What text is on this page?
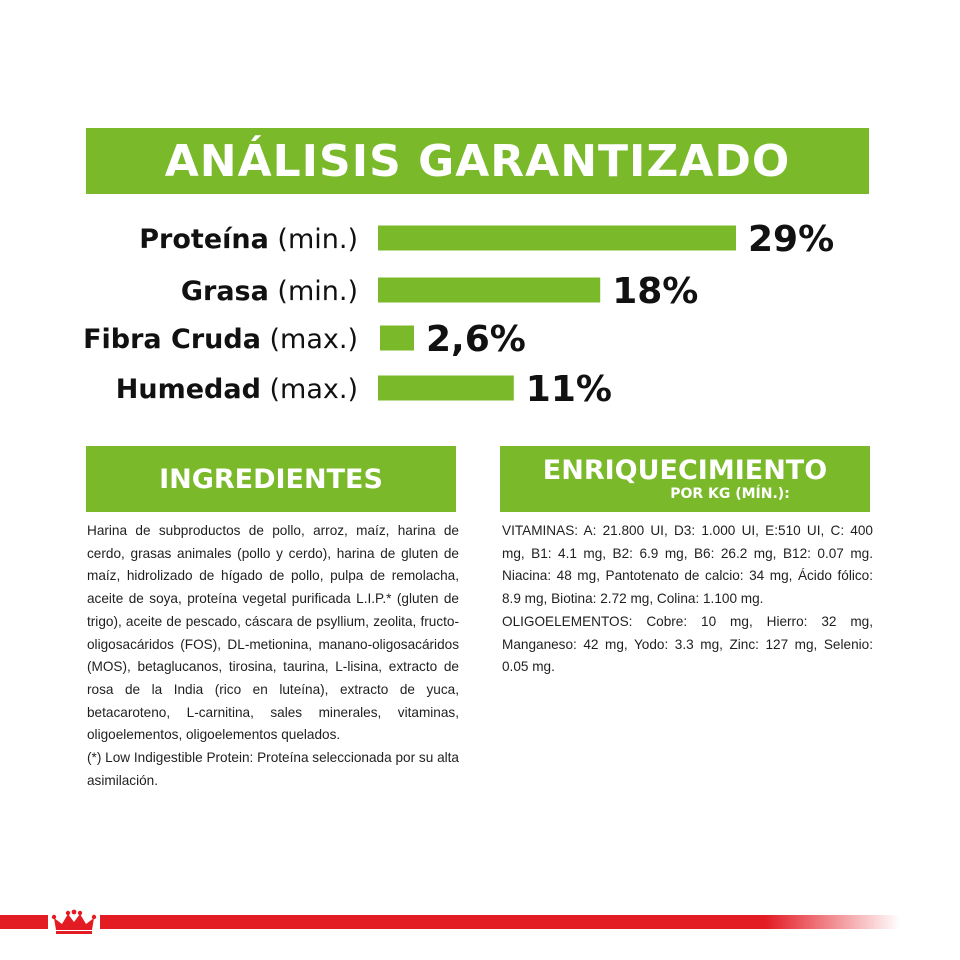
ANÁLISIS GARANTIZADO
Proteína (min.)	29%
Grasa (min.)	18%
Fibra Cruda (max.) 2,6%
Humedad (max.)	11%
INGREDIENTES

Harina de subproductos de pollo, arroz, maíz, harina de cerdo, grasas animales (pollo y cerdo), harina de gluten de maíz, hidrolizado de hígado de pollo, pulpa de remolacha, aceite de soya, proteína vegetal purificada L.I.P.* (gluten de trigo), aceite de pescado, cáscara de psyllium, zeolita, fructo-oligosacáridos (FOS), DL-metionina, manano-oligosacáridos (MOS), betaglucanos, tirosina, taurina, L-lisina, extracto de rosa de la India (rico en luteína), extracto de yuca, betacaroteno, L-carnitina, sales minerales, vitaminas, oligoelementos, oligoelementos quelados.

(*) Low Indigestible Protein: Proteína seleccionada por su alta asimilación.

ENRIQUECIMIENTO
POR KG (MÍN.):

VITAMINAS: A: 21.800 UI, D3: 1.000 UI, E:510 UI, C: 400 mg, B1: 4.1 mg, B2: 6.9 mg, B6: 26.2 mg, B12: 0.07 mg. Niacina: 48 mg, Pantotenato de calcio: 34 mg, Ácido fólico: 8.9 mg, Biotina: 2.72 mg, Colina: 1.100 mg.

OLIGOELEMENTOS: Cobre: 10 mg, Hierro: 32 mg, Manganeso: 42 mg, Yodo: 3.3 mg, Zinc: 127 mg, Selenio: 0.05 mg.
